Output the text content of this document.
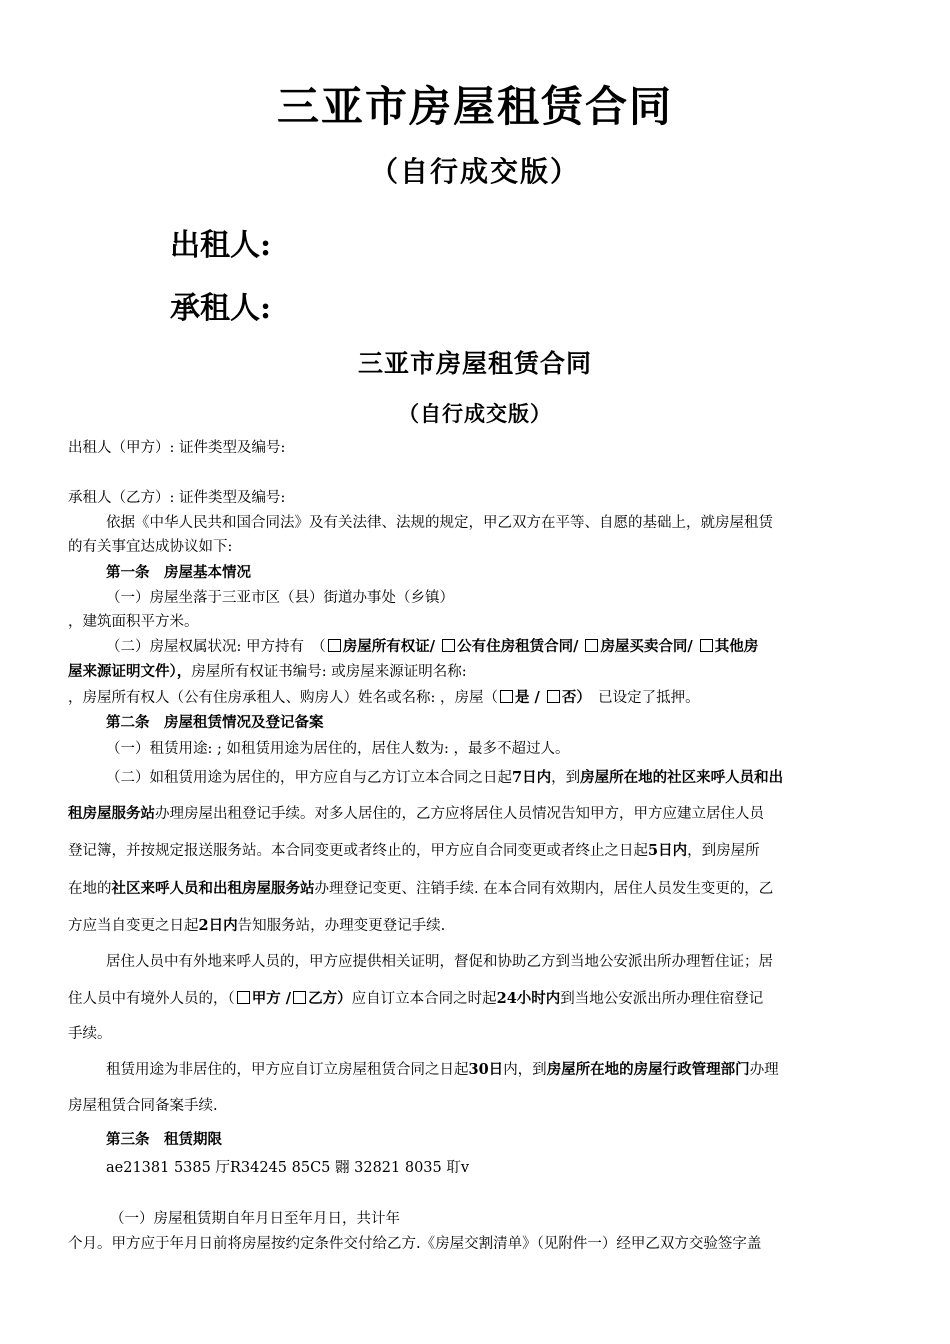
三亚市房屋租赁合同
（自行成交版）
出租人:
承租人:
三亚市房屋租赁合同
（自行成交版）
出租人（甲方）: 证件类型及编号:
承租人（乙方）: 证件类型及编号:
依据《中华人民共和国合同法》及有关法律、法规的规定，甲乙双方在平等、自愿的基础上，就房屋租赁
的有关事宜达成协议如下:
第一条　房屋基本情况
（一）房屋坐落于三亚市区（县）街道办事处（乡镇）
，建筑面积平方米。
（二）房屋权属状况: 甲方持有　（ 房屋所有权证/ 公有住房租赁合同/ 房屋买卖合同/ 其他房
屋来源证明文件），房屋所有权证书编号: 或房屋来源证明名称:
，房屋所有权人（公有住房承租人、购房人）姓名或名称: ，房屋（ 是 / 否）　已设定了抵押。
第二条　房屋租赁情况及登记备案
（一）租赁用途: ; 如租赁用途为居住的，居住人数为: ，最多不超过人。
（二）如租赁用途为居住的，甲方应自与乙方订立本合同之日起7日内，到房屋所在地的社区来呼人员和出
租房屋服务站办理房屋出租登记手续。对多人居住的，乙方应将居住人员情况告知甲方，甲方应建立居住人员
登记簿，并按规定报送服务站。本合同变更或者终止的，甲方应自合同变更或者终止之日起5日内，到房屋所
在地的社区来呼人员和出租房屋服务站办理登记变更、注销手续. 在本合同有效期内，居住人员发生变更的，乙
方应当自变更之日起2日内告知服务站，办理变更登记手续.
居住人员中有外地来呼人员的，甲方应提供相关证明，督促和协助乙方到当地公安派出所办理暂住证；居
住人员中有境外人员的，（ 甲方 / 乙方）应自订立本合同之时起24小时内到当地公安派出所办理住宿登记
手续。
租赁用途为非居住的，甲方应自订立房屋租赁合同之日起30日内，到房屋所在地的房屋行政管理部门办理
房屋租赁合同备案手续.
第三条　租赁期限
ae21381 5385 厅R34245 85C5 翾 32821 8035 耵v
（一）房屋租赁期自年月日至年月日，共计年
个月。甲方应于年月日前将房屋按约定条件交付给乙方.《房屋交割清单》（见附件一）经甲乙双方交验签字盖
